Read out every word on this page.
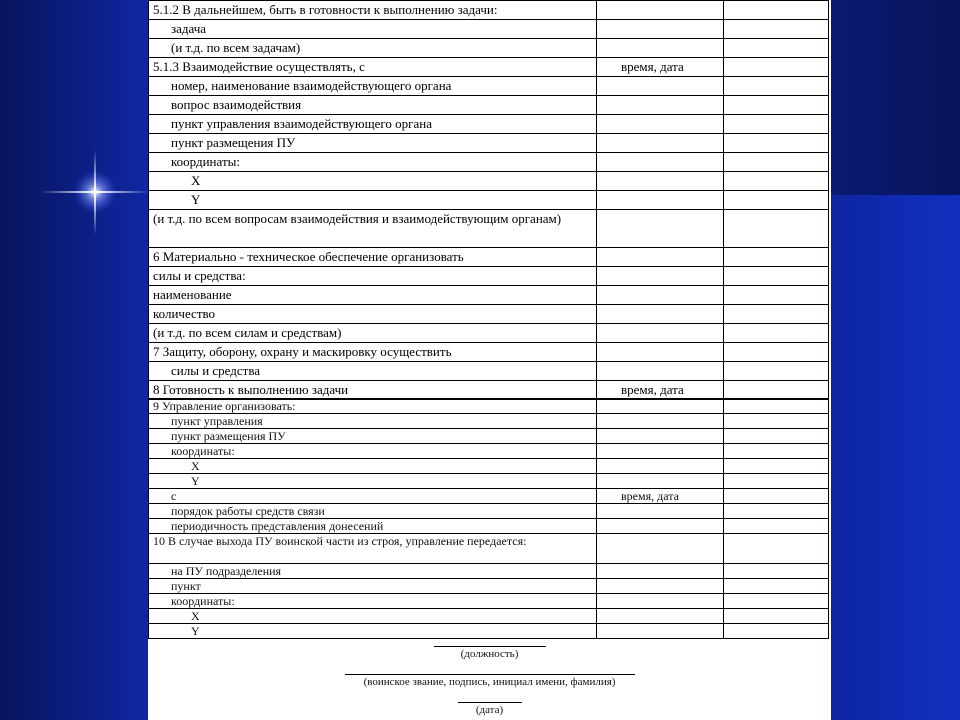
5.1.2 В дальнейшем, быть в готовности к выполнению задачи:		
задача		
(и т.д. по всем задачам)		
5.1.3 Взаимодействие осуществлять, с	время, дата	
номер, наименование взаимодействующего органа		
вопрос взаимодействия		
пункт управления взаимодействующего органа		
пункт размещения ПУ		
координаты:		
X		
Y		
(и т.д. по всем вопросам взаимодействия и взаимодействующим органам)		
6 Материально - техническое обеспечение организовать		
силы и средства:		
наименование		
количество		
(и т.д. по всем силам и средствам)		
7 Защиту, оборону, охрану и маскировку осуществить		
силы и средства		
8 Готовность к выполнению задачи	время, дата	
9 Управление организовать:		
пункт управления		
пункт размещения ПУ		
координаты:		
X		
Y		
с	время, дата	
порядок работы средств связи		
периодичность представления донесений		
10 В случае выхода ПУ воинской части из строя, управление передается:		
на ПУ подразделения		
пункт		
координаты:		
X		
Y		
(должность)
(воинское звание, подпись, инициал имени, фамилия)
(дата)
